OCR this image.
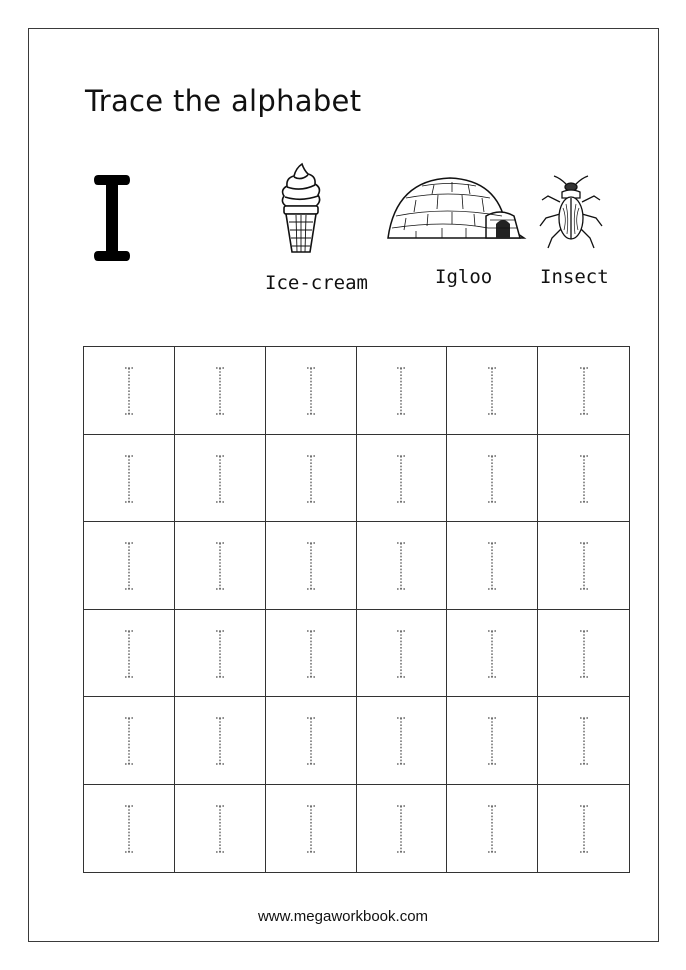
Trace the alphabet
Ice-cream	Igloo	Insect
www.megaworkbook.com
